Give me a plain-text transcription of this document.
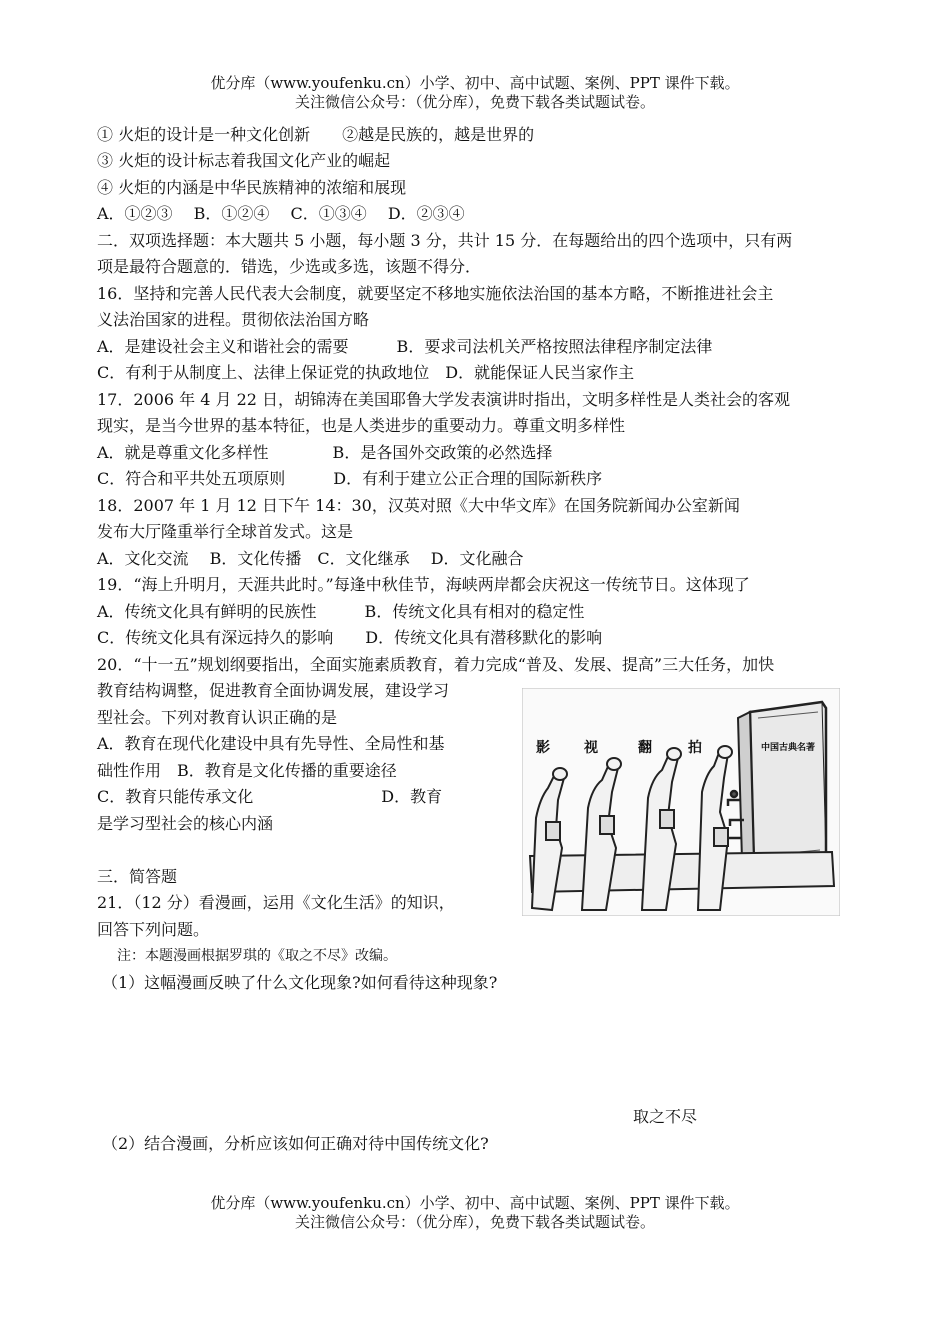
优分库（www.youfenku.cn）小学、初中、高中试题、案例、PPT 课件下载。
关注微信公众号：（优分库），免费下载各类试题试卷。
① 火炬的设计是一种文化创新　　②越是民族的，越是世界的
③ 火炬的设计标志着我国文化产业的崛起
④ 火炬的内涵是中华民族精神的浓缩和展现
A．①②③　 B．①②④　 C．①③④　 D．②③④
二．双项选择题：本大题共 5 小题，每小题 3 分，共计 15 分．在每题给出的四个选项中，只有两
项是最符合题意的．错选，少选或多选，该题不得分．
16．坚持和完善人民代表大会制度，就要坚定不移地实施依法治国的基本方略，不断推进社会主
义法治国家的进程。贯彻依法治国方略
A．是建设社会主义和谐社会的需要　　　B．要求司法机关严格按照法律程序制定法律
C．有利于从制度上、法律上保证党的执政地位　D．就能保证人民当家作主
17．2006 年 4 月 22 日，胡锦涛在美国耶鲁大学发表演讲时指出，文明多样性是人类社会的客观
现实，是当今世界的基本特征，也是人类进步的重要动力。尊重文明多样性
A．就是尊重文化多样性　　　　B．是各国外交政策的必然选择
C．符合和平共处五项原则　　　D．有利于建立公正合理的国际新秩序
18．2007 年 1 月 12 日下午 14：30，汉英对照《大中华文库》在国务院新闻办公室新闻
发布大厅隆重举行全球首发式。这是
A．文化交流　 B．文化传播　C．文化继承　 D．文化融合
19．“海上升明月，天涯共此时。”每逢中秋佳节，海峡两岸都会庆祝这一传统节日。这体现了
A．传统文化具有鲜明的民族性　　　B．传统文化具有相对的稳定性
C．传统文化具有深远持久的影响　　D．传统文化具有潜移默化的影响
20．“十一五”规划纲要指出，全面实施素质教育，着力完成“普及、发展、提高”三大任务，加快
教育结构调整，促进教育全面协调发展，建设学习
型社会。下列对教育认识正确的是
A．教育在现代化建设中具有先导性、全局性和基
础性作用　B．教育是文化传播的重要途径
C．教育只能传承文化　　　　　　　　D．教育
是学习型社会的核心内涵
三．简答题
21．（12 分）看漫画，运用《文化生活》的知识，
回答下列问题。
注：本题漫画根据罗琪的《取之不尽》改编。
（1）这幅漫画反映了什么文化现象?如何看待这种现象?
取之不尽
（2）结合漫画，分析应该如何正确对待中国传统文化?
中国古典名著
影 视	翻	拍
优分库（www.youfenku.cn）小学、初中、高中试题、案例、PPT 课件下载。
关注微信公众号：（优分库），免费下载各类试题试卷。
